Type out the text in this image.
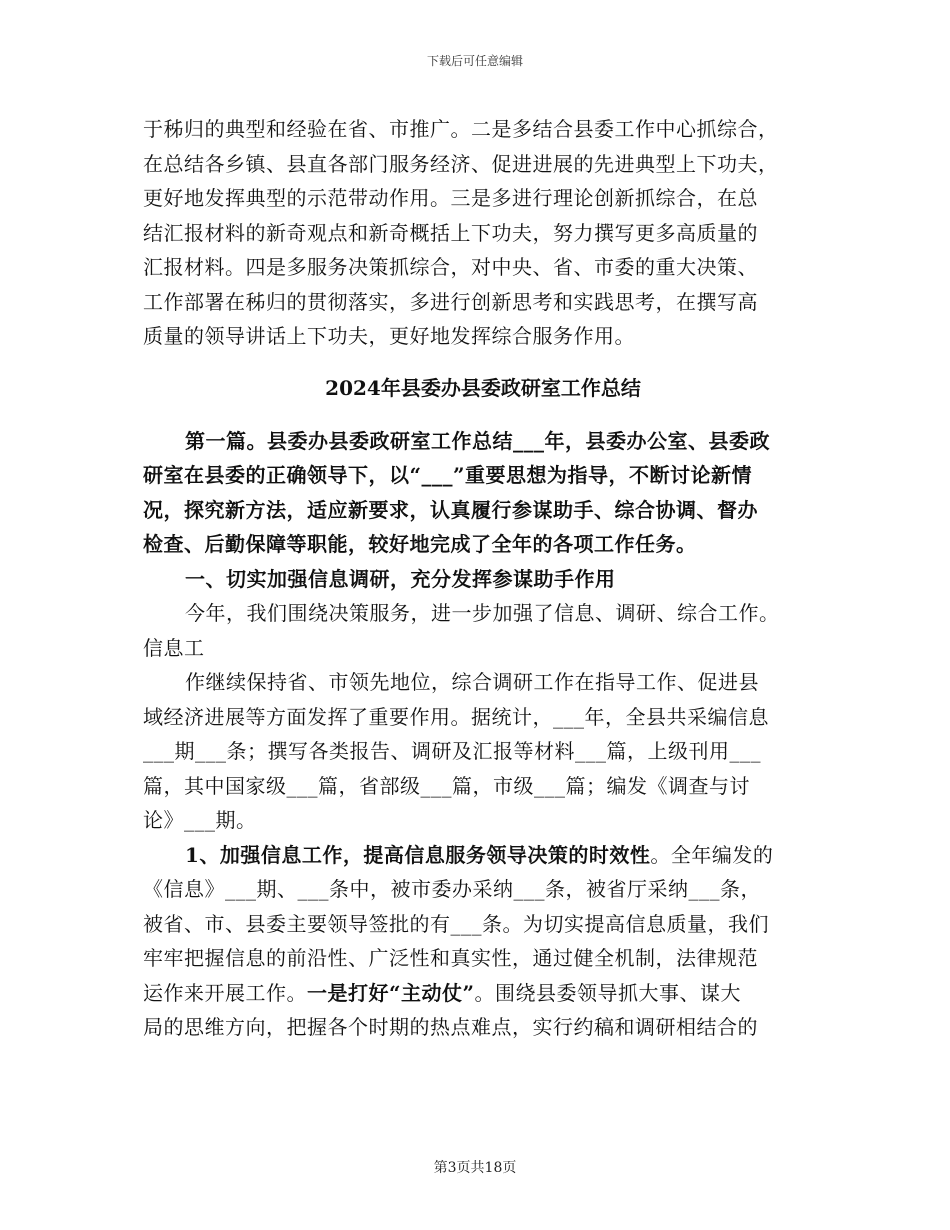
下载后可任意编辑

于秭归的典型和经验在省、市推广。二是多结合县委工作中心抓综合，

在总结各乡镇、县直各部门服务经济、促进进展的先进典型上下功夫，

更好地发挥典型的示范带动作用。三是多进行理论创新抓综合，在总

结汇报材料的新奇观点和新奇概括上下功夫，努力撰写更多高质量的

汇报材料。四是多服务决策抓综合，对中央、省、市委的重大决策、

工作部署在秭归的贯彻落实，多进行创新思考和实践思考，在撰写高

质量的领导讲话上下功夫，更好地发挥综合服务作用。

2024年县委办县委政研室工作总结

第一篇。县委办县委政研室工作总结___年，县委办公室、县委政

研室在县委的正确领导下，以“___”重要思想为指导，不断讨论新情

况，探究新方法，适应新要求，认真履行参谋助手、综合协调、督办

检查、后勤保障等职能，较好地完成了全年的各项工作任务。

一、切实加强信息调研，充分发挥参谋助手作用

今年，我们围绕决策服务，进一步加强了信息、调研、综合工作。

信息工

作继续保持省、市领先地位，综合调研工作在指导工作、促进县

域经济进展等方面发挥了重要作用。据统计，___年，全县共采编信息

___期___条；撰写各类报告、调研及汇报等材料___篇，上级刊用___

篇，其中国家级___篇，省部级___篇，市级___篇；编发《调查与讨

论》___期。

1、加强信息工作，提高信息服务领导决策的时效性。全年编发的

《信息》___期、___条中，被市委办采纳___条，被省厅采纳___条，

被省、市、县委主要领导签批的有___条。为切实提高信息质量，我们

牢牢把握信息的前沿性、广泛性和真实性，通过健全机制，法律规范

运作来开展工作。一是打好“主动仗”。围绕县委领导抓大事、谋大

局的思维方向，把握各个时期的热点难点，实行约稿和调研相结合的

第3页共18页
